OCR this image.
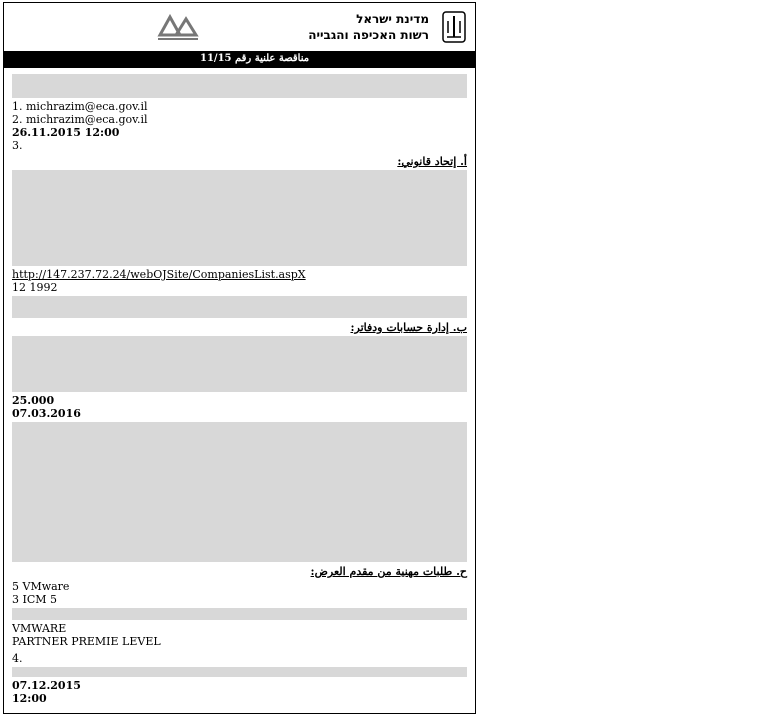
מדינת ישראל
רשות האכיפה והגבייה
مناقصة علنية رقم 11/15
1. michrazim@eca.gov.il
2. michrazim@eca.gov.il
26.11.2015 12:00
3.
أ. إتحاد قانوني:
http://147.237.72.24/webOJSite/CompaniesList.aspX
12 1992
ب. إدارة حسابات ودفاتر:
25.000
07.03.2016
ح. طلبات مهنية من مقدم العرض:
5 VMware
3 ICM 5
VMWARE
PARTNER PREMIE LEVEL
4.
07.12.2015
12:00
